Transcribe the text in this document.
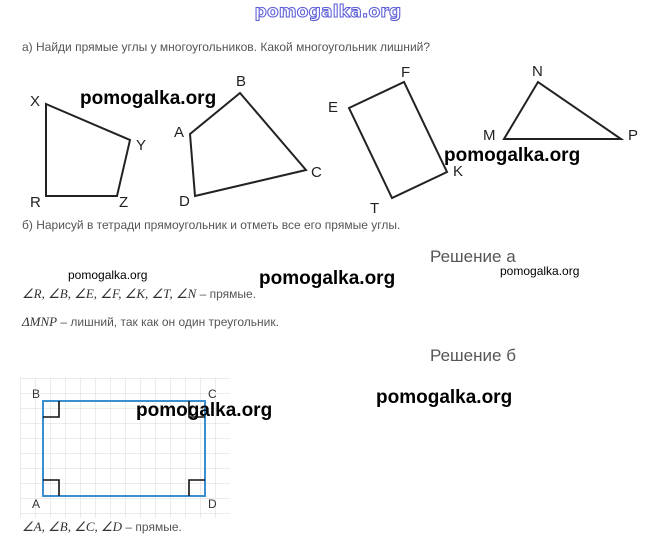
pomogalka.org
а) Найди прямые углы у многоугольников. Какой многоугольник лишний?
X
Y
Z
R
A
B
C
D
E
F
K
T
M
N
P
б) Нарисуй в тетради прямоугольник и отметь все его прямые углы.
Решение а
∠R, ∠B, ∠E, ∠F, ∠K, ∠T, ∠N – прямые.
ΔMNP – лишний, так как он один треугольник.
Решение б
B	C
A	D
∠A, ∠B, ∠C, ∠D – прямые.
pomogalka.org
pomogalka.org
pomogalka.org	pomogalka.org	pomogalka.org
pomogalka.org
pomogalka.org
